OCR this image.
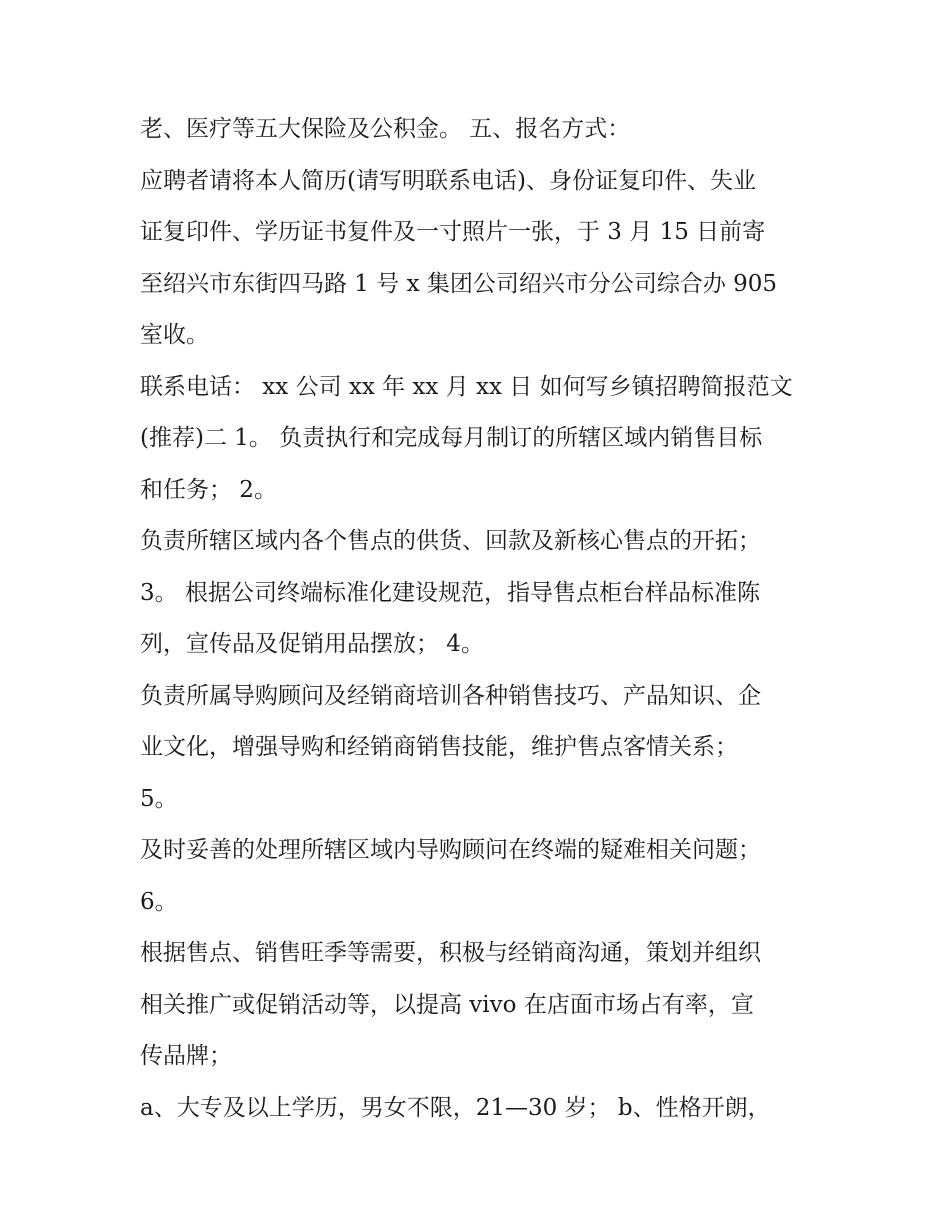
老、医疗等五大保险及公积金。 五、报名方式：
应聘者请将本人简历(请写明联系电话)、身份证复印件、失业
证复印件、学历证书复件及一寸照片一张，于 3 月 15 日前寄
至绍兴市东街四马路 1 号 x 集团公司绍兴市分公司综合办 905
室收。
联系电话： xx 公司 xx 年 xx 月 xx 日 如何写乡镇招聘简报范文
(推荐)二 1。 负责执行和完成每月制订的所辖区域内销售目标
和任务； 2。
负责所辖区域内各个售点的供货、回款及新核心售点的开拓；
3。 根据公司终端标准化建设规范，指导售点柜台样品标准陈
列，宣传品及促销用品摆放； 4。
负责所属导购顾问及经销商培训各种销售技巧、产品知识、企
业文化，增强导购和经销商销售技能，维护售点客情关系；
5。
及时妥善的处理所辖区域内导购顾问在终端的疑难相关问题；
6。
根据售点、销售旺季等需要，积极与经销商沟通，策划并组织
相关推广或促销活动等，以提高 vivo 在店面市场占有率，宣
传品牌；
a、大专及以上学历，男女不限，21—30 岁； b、性格开朗，
